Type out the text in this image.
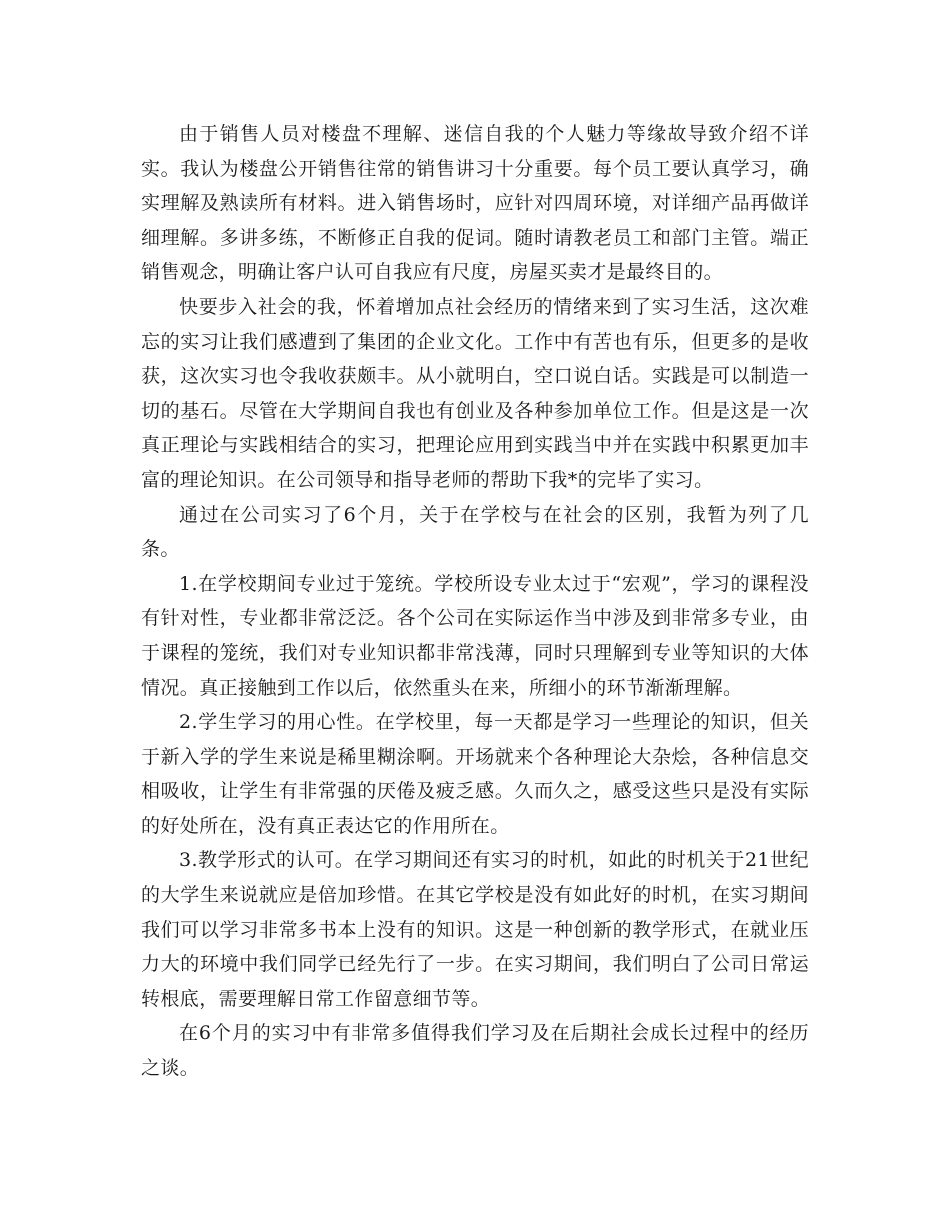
由于销售人员对楼盘不理解、迷信自我的个人魅力等缘故导致介绍不详实。我认为楼盘公开销售往常的销售讲习十分重要。每个员工要认真学习，确实理解及熟读所有材料。进入销售场时，应针对四周环境，对详细产品再做详细理解。多讲多练，不断修正自我的促词。随时请教老员工和部门主管。端正销售观念，明确让客户认可自我应有尺度，房屋买卖才是最终目的。

快要步入社会的我，怀着增加点社会经历的情绪来到了实习生活，这次难忘的实习让我们感遭到了集团的企业文化。工作中有苦也有乐，但更多的是收获，这次实习也令我收获颇丰。从小就明白，空口说白话。实践是可以制造一切的基石。尽管在大学期间自我也有创业及各种参加单位工作。但是这是一次真正理论与实践相结合的实习，把理论应用到实践当中并在实践中积累更加丰富的理论知识。在公司领导和指导老师的帮助下我*的完毕了实习。

通过在公司实习了6个月，关于在学校与在社会的区别，我暂为列了几条。

1.在学校期间专业过于笼统。学校所设专业太过于“宏观”，学习的课程没有针对性，专业都非常泛泛。各个公司在实际运作当中涉及到非常多专业，由于课程的笼统，我们对专业知识都非常浅薄，同时只理解到专业等知识的大体情况。真正接触到工作以后，依然重头在来，所细小的环节渐渐理解。

2.学生学习的用心性。在学校里，每一天都是学习一些理论的知识，但关于新入学的学生来说是稀里糊涂啊。开场就来个各种理论大杂烩，各种信息交相吸收，让学生有非常强的厌倦及疲乏感。久而久之，感受这些只是没有实际的好处所在，没有真正表达它的作用所在。

3.教学形式的认可。在学习期间还有实习的时机，如此的时机关于21世纪的大学生来说就应是倍加珍惜。在其它学校是没有如此好的时机，在实习期间我们可以学习非常多书本上没有的知识。这是一种创新的教学形式，在就业压力大的环境中我们同学已经先行了一步。在实习期间，我们明白了公司日常运转根底，需要理解日常工作留意细节等。

在6个月的实习中有非常多值得我们学习及在后期社会成长过程中的经历之谈。
